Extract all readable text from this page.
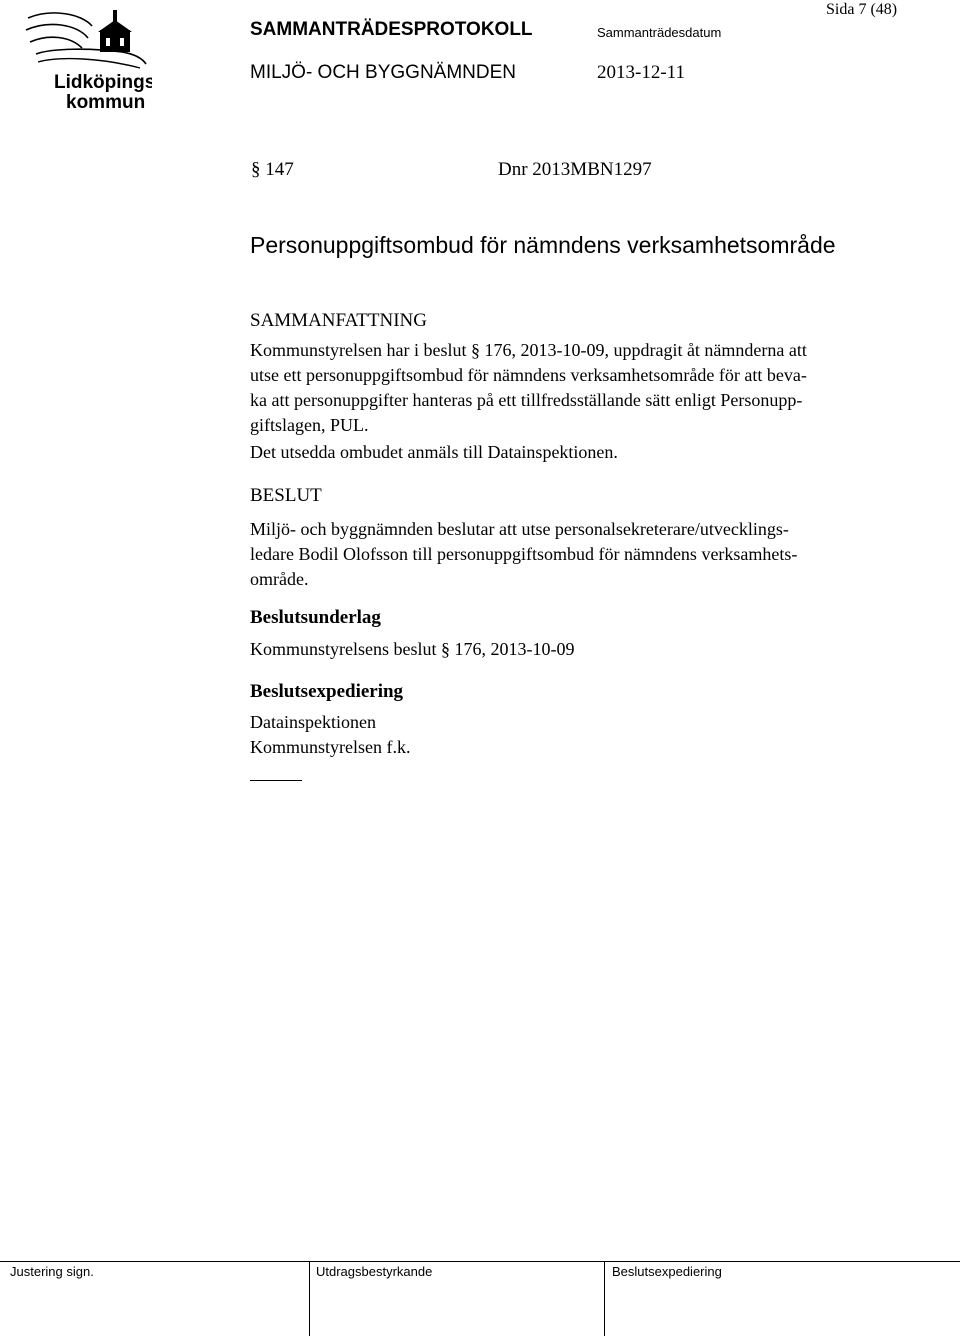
Lidköpings
kommun
SAMMANTRÄDESPROTOKOLL	Sammanträdesdatum
Sida 7 (48)
MILJÖ- OCH BYGGNÄMNDEN	2013-12-11
§ 147	Dnr 2013MBN1297
Personuppgiftsombud för nämndens verksamhetsområde
SAMMANFATTNING
Kommunstyrelsen har i beslut § 176, 2013-10-09, uppdragit åt nämnderna att
utse ett personuppgiftsombud för nämndens verksamhetsområde för att beva-
ka att personuppgifter hanteras på ett tillfredsställande sätt enligt Personupp-
giftslagen, PUL.
Det utsedda ombudet anmäls till Datainspektionen.
BESLUT
Miljö- och byggnämnden beslutar att utse personalsekreterare/utvecklings-
ledare Bodil Olofsson till personuppgiftsombud för nämndens verksamhets-
område.
Beslutsunderlag
Kommunstyrelsens beslut § 176, 2013-10-09
Beslutsexpediering
Datainspektionen
Kommunstyrelsen f.k.
Justering sign.	Utdragsbestyrkande	Beslutsexpediering
